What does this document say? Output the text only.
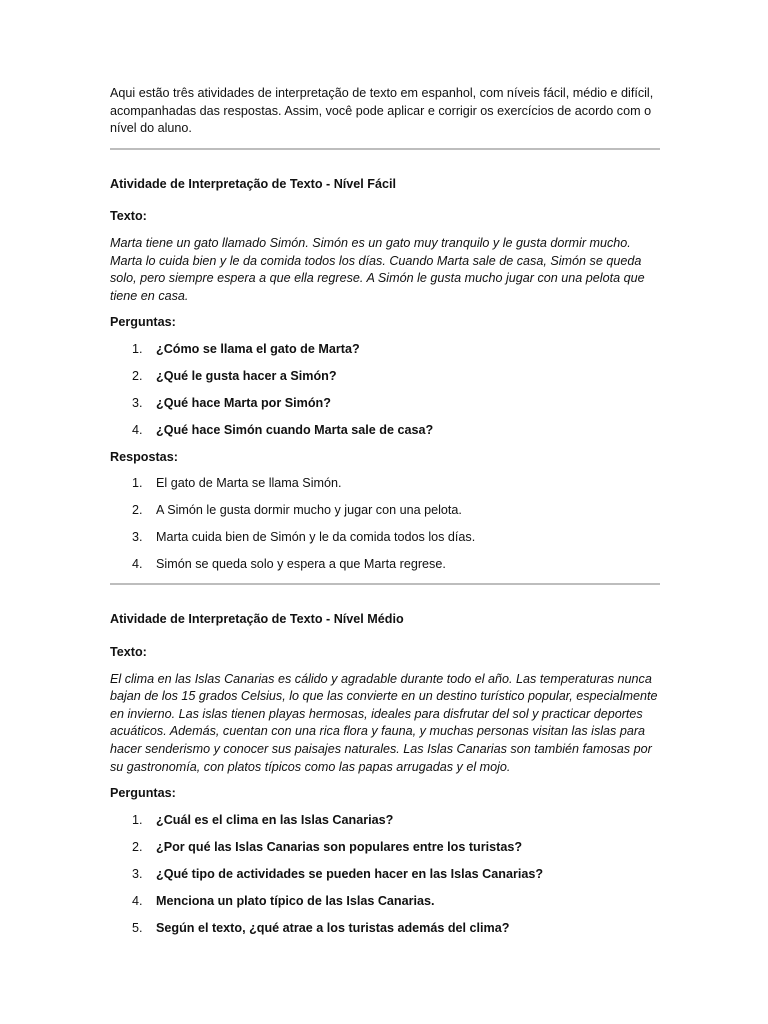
Aqui estão três atividades de interpretação de texto em espanhol, com níveis fácil, médio e difícil, acompanhadas das respostas. Assim, você pode aplicar e corrigir os exercícios de acordo com o nível do aluno.

Atividade de Interpretação de Texto - Nível Fácil

Texto:

Marta tiene un gato llamado Simón. Simón es un gato muy tranquilo y le gusta dormir mucho. Marta lo cuida bien y le da comida todos los días. Cuando Marta sale de casa, Simón se queda solo, pero siempre espera a que ella regrese. A Simón le gusta mucho jugar con una pelota que tiene en casa.

Perguntas:

1.	¿Cómo se llama el gato de Marta?
2.	¿Qué le gusta hacer a Simón?
3.	¿Qué hace Marta por Simón?
4.	¿Qué hace Simón cuando Marta sale de casa?

Respostas:

1.	El gato de Marta se llama Simón.
2.	A Simón le gusta dormir mucho y jugar con una pelota.
3.	Marta cuida bien de Simón y le da comida todos los días.
4.	Simón se queda solo y espera a que Marta regrese.

Atividade de Interpretação de Texto - Nível Médio

Texto:

El clima en las Islas Canarias es cálido y agradable durante todo el año. Las temperaturas nunca bajan de los 15 grados Celsius, lo que las convierte en un destino turístico popular, especialmente en invierno. Las islas tienen playas hermosas, ideales para disfrutar del sol y practicar deportes acuáticos. Además, cuentan con una rica flora y fauna, y muchas personas visitan las islas para hacer senderismo y conocer sus paisajes naturales. Las Islas Canarias son también famosas por su gastronomía, con platos típicos como las papas arrugadas y el mojo.

Perguntas:

1.	¿Cuál es el clima en las Islas Canarias?
2.	¿Por qué las Islas Canarias son populares entre los turistas?
3.	¿Qué tipo de actividades se pueden hacer en las Islas Canarias?
4.	Menciona un plato típico de las Islas Canarias.
5.	Según el texto, ¿qué atrae a los turistas además del clima?
